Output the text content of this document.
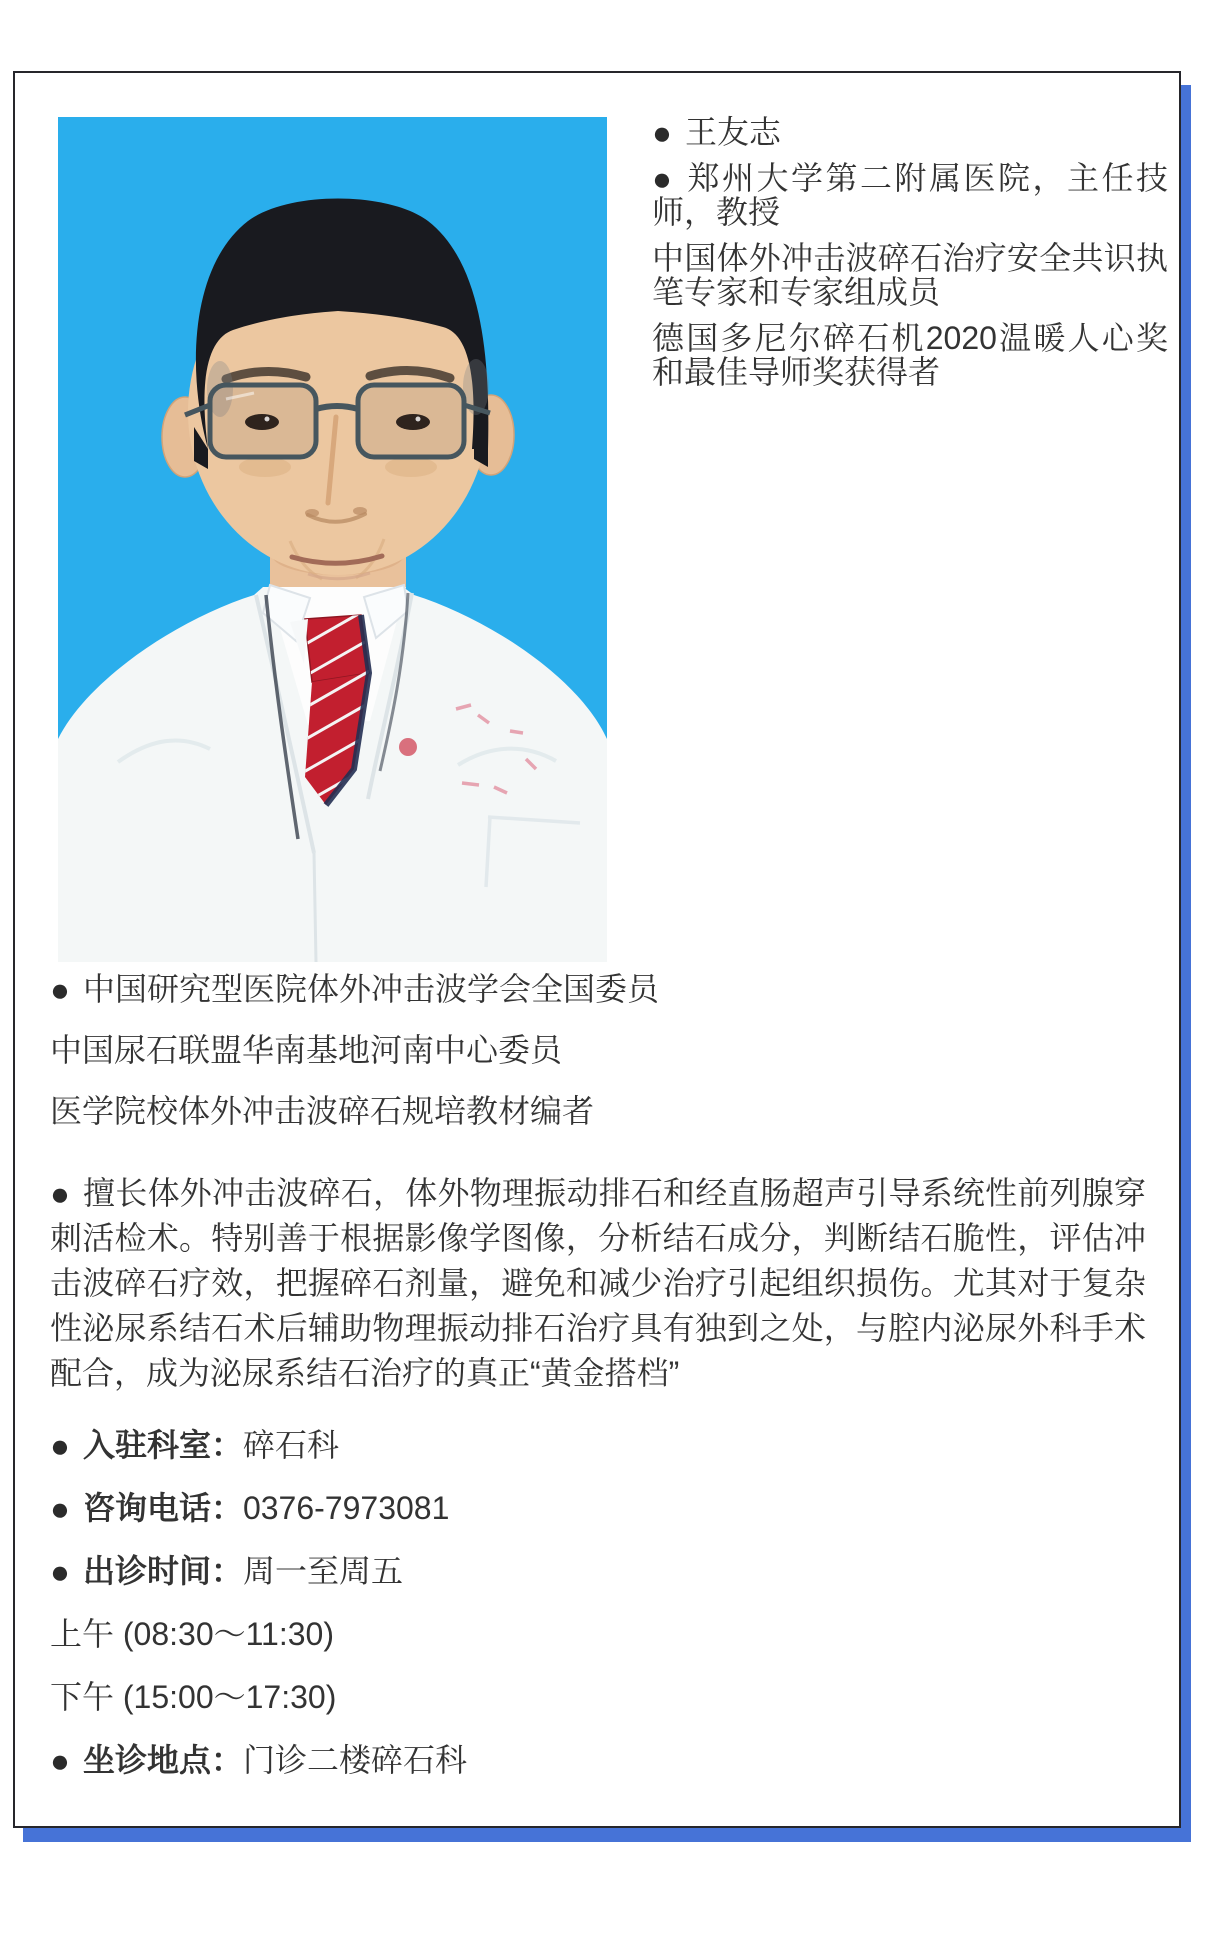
● 王友志

● 郑州大学第二附属医院，主任技师，教授

中国体外冲击波碎石治疗安全共识执笔专家和专家组成员

德国多尼尔碎石机2020温暖人心奖和最佳导师奖获得者

● 中国研究型医院体外冲击波学会全国委员

中国尿石联盟华南基地河南中心委员

医学院校体外冲击波碎石规培教材编者

● 擅长体外冲击波碎石，体外物理振动排石和经直肠超声引导系统性前列腺穿刺活检术。特别善于根据影像学图像，分析结石成分，判断结石脆性，评估冲击波碎石疗效，把握碎石剂量，避免和减少治疗引起组织损伤。尤其对于复杂性泌尿系结石术后辅助物理振动排石治疗具有独到之处，与腔内泌尿外科手术配合，成为泌尿系结石治疗的真正“黄金搭档”

● 入驻科室：碎石科

● 咨询电话：0376-7973081

● 出诊时间：周一至周五

上午 (08:30～11:30)

下午 (15:00～17:30)

● 坐诊地点：门诊二楼碎石科
